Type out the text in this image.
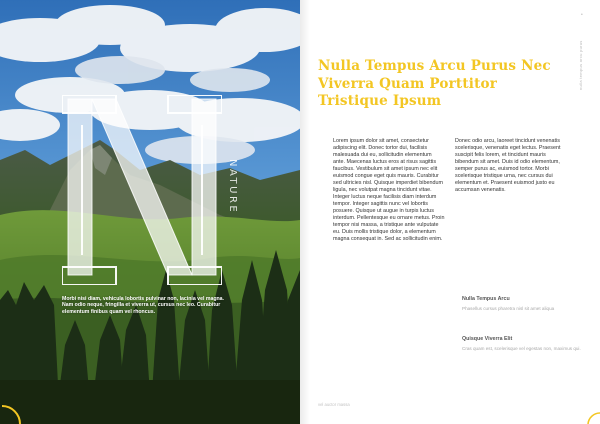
NATURE
Morbi nisi diam, vehicula lobortis pulvinar non, lacinia vel magna. Nam odio neque, fringilla et viverra ut, cursus nec leo. Curabitur elementum finibus quam vel rhoncus.
•
nulla tempus arcu purus
Nulla Tempus Arcu Purus Nec Viverra Quam Porttitor Tristique Ipsum
Lorem ipsum dolor sit amet, consectetur adipiscing elit. Donec tortor dui, facilisis malesuada dui eu, sollicitudin elementum ante. Maecenas luctus eros at risus sagittis faucibus. Vestibulum sit amet ipsum nec elit euismod congue eget quis mauris. Curabitur sed ultricies nisl. Quisque imperdiet bibendum ligula, nec volutpat magna tincidunt vitae. Integer luctus neque facilisis diam interdum tempor. Integer sagittis nunc vel lobortis posuere. Quisque ut augue in turpis luctus interdum. Pellentesque eu ornare metus. Proin tempor nisi massa, a tristique ante vulputate eu. Duis mollis tristique dolor, a elementum magna consequat in. Sed ac sollicitudin enim.
Donec odio arcu, laoreet tincidunt venenatis scelerisque, venenatis eget lectus. Praesent suscipit felis lorem, et tincidunt mauris bibendum sit amet. Duis id odio elementum, semper purus ac, euismod tortor. Morbi scelerisque tristique urna, nec cursus dui elementum et. Praesent euismod justo eu accumsan venenatis.
Nulla Tempus Arcu
Phasellus cursus pharetra nisl sit amet aliqua
Quisque Viverra Elit
Cras quam est, scelerisque vel egestas non, maximus qui.
vel auctor massa
